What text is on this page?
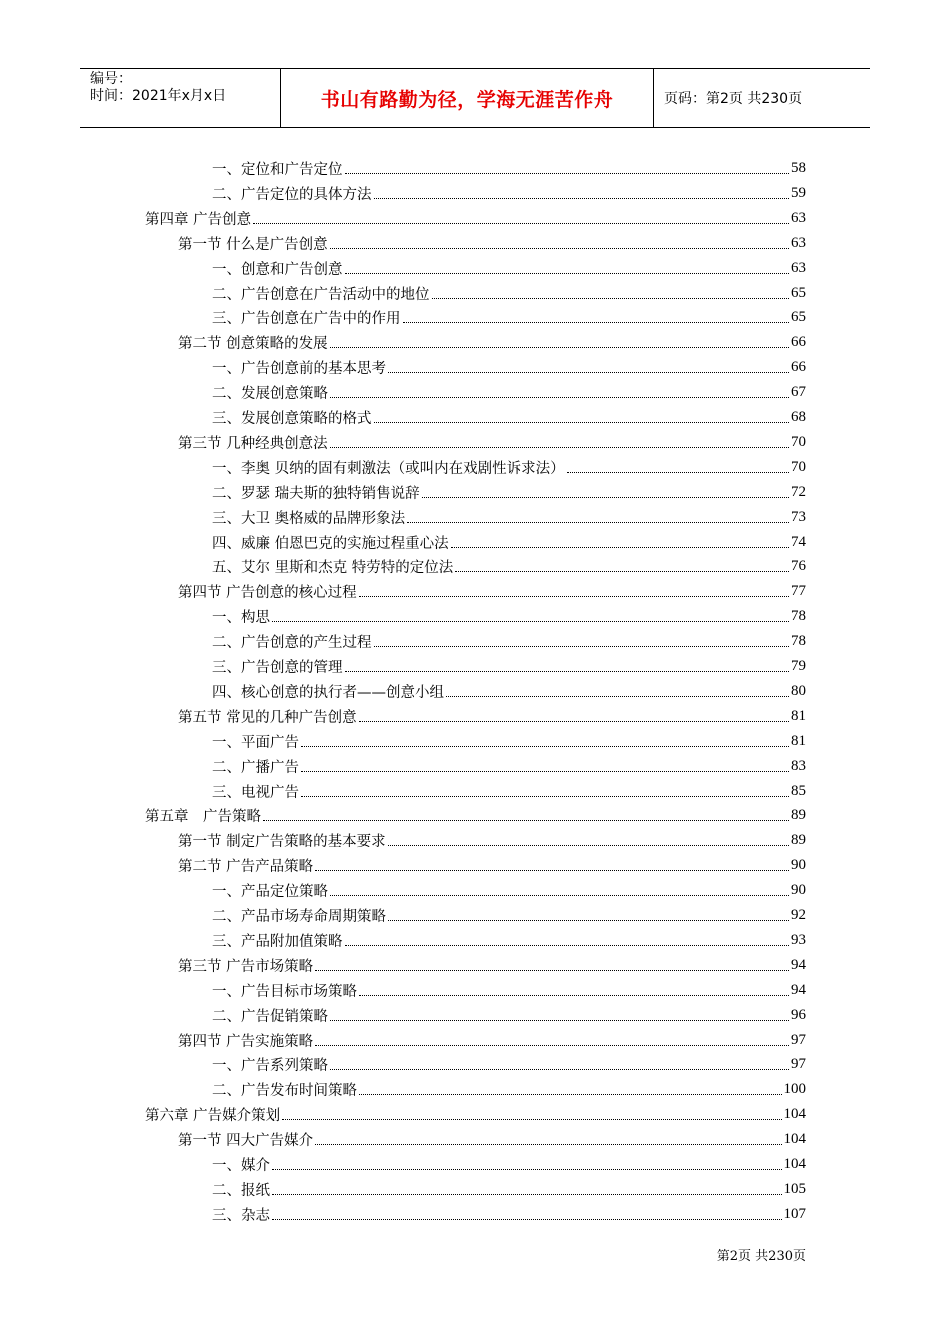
编号：
时间：2021年x月x日	书山有路勤为径，学海无涯苦作舟	页码：第2页 共230页
一、定位和广告定位	58
二、广告定位的具体方法	59
第四章 广告创意	63
第一节 什么是广告创意	63
一、创意和广告创意	63
二、广告创意在广告活动中的地位	65
三、广告创意在广告中的作用	65
第二节 创意策略的发展	66
一、广告创意前的基本思考	66
二、发展创意策略	67
三、发展创意策略的格式	68
第三节 几种经典创意法	70
一、李奥 贝纳的固有刺激法（或叫内在戏剧性诉求法）	70
二、罗瑟 瑞夫斯的独特销售说辞	72
三、大卫 奥格威的品牌形象法	73
四、威廉 伯恩巴克的实施过程重心法	74
五、艾尔 里斯和杰克 特劳特的定位法	76
第四节 广告创意的核心过程	77
一、构思	78
二、广告创意的产生过程	78
三、广告创意的管理	79
四、核心创意的执行者——创意小组	80
第五节 常见的几种广告创意	81
一、平面广告	81
二、广播广告	83
三、电视广告	85
第五章　广告策略	89
第一节 制定广告策略的基本要求	89
第二节 广告产品策略	90
一、产品定位策略	90
二、产品市场寿命周期策略	92
三、产品附加值策略	93
第三节 广告市场策略	94
一、广告目标市场策略	94
二、广告促销策略	96
第四节 广告实施策略	97
一、广告系列策略	97
二、广告发布时间策略	100
第六章 广告媒介策划	104
第一节 四大广告媒介	104
一、媒介	104
二、报纸	105
三、杂志	107
第2页 共230页
